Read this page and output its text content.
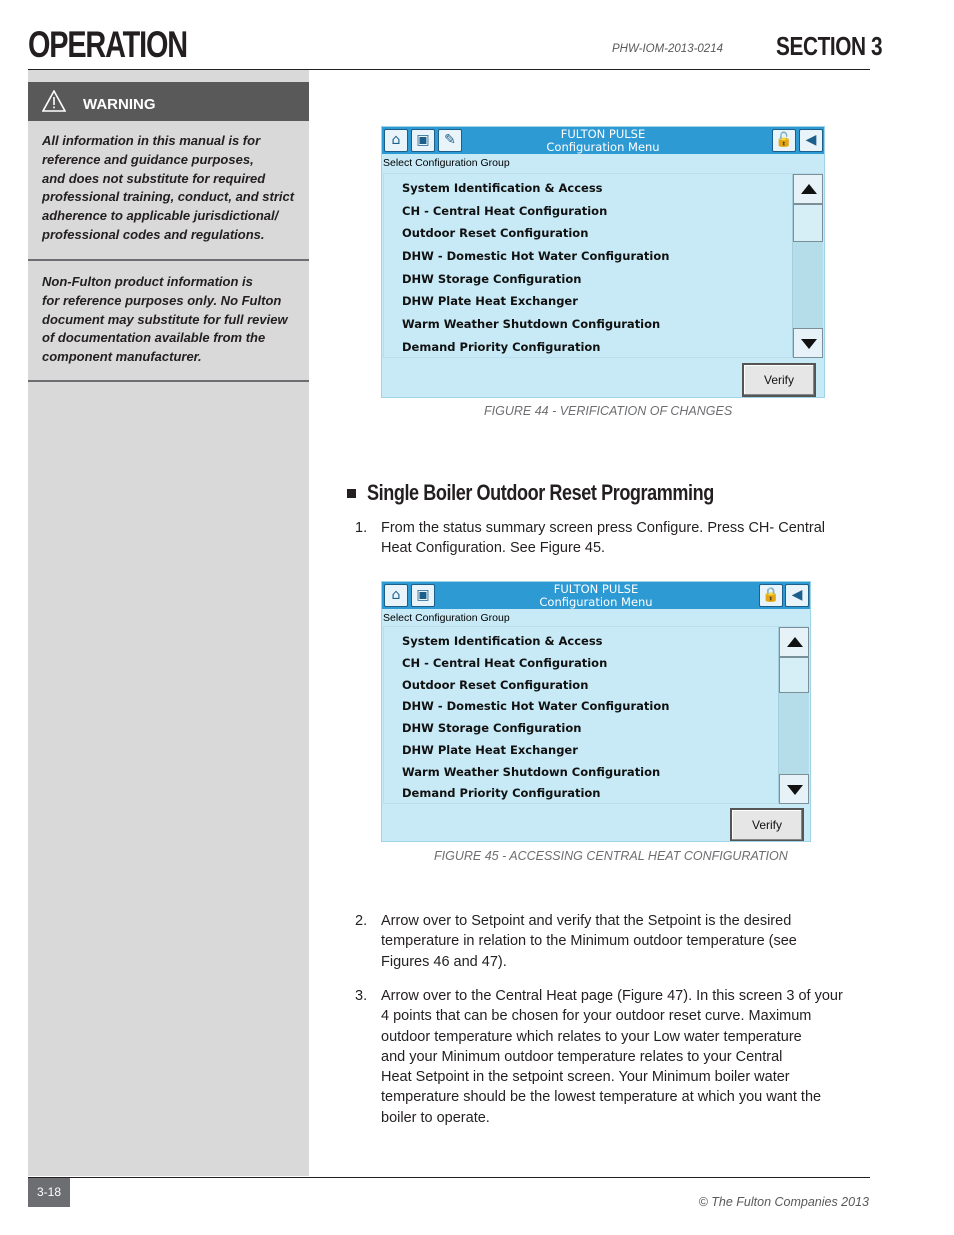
OPERATION	PHW-IOM-2013-0214 SECTION 3
WARNING
All information in this manual is for
reference and guidance purposes,
and does not substitute for required
professional training, conduct, and strict
adherence to applicable jurisdictional/
professional codes and regulations.
Non-Fulton product information is
for reference purposes only. No Fulton
document may substitute for full review
of documentation available from the
component manufacturer.
⌂	▣	✎	FULTON PULSE
Configuration Menu	🔓 ◀
Select Configuration Group
System Identification & Access
CH - Central Heat Configuration
Outdoor Reset Configuration
DHW - Domestic Hot Water Configuration
DHW Storage Configuration
DHW Plate Heat Exchanger
Warm Weather Shutdown Configuration
Demand Priority Configuration
Verify
FIGURE 44 - VERIFICATION OF CHANGES
Single Boiler Outdoor Reset Programming
1. From the status summary screen press Configure. Press CH- Central
Heat Configuration. See Figure 45.
⌂	▣	FULTON PULSE
Configuration Menu	🔒 ◀
Select Configuration Group
System Identification & Access
CH - Central Heat Configuration
Outdoor Reset Configuration
DHW - Domestic Hot Water Configuration
DHW Storage Configuration
DHW Plate Heat Exchanger
Warm Weather Shutdown Configuration
Demand Priority Configuration
Verify
FIGURE 45 - ACCESSING CENTRAL HEAT CONFIGURATION
2. Arrow over to Setpoint and verify that the Setpoint is the desired
temperature in relation to the Minimum outdoor temperature (see
Figures 46 and 47).
3. Arrow over to the Central Heat page (Figure 47). In this screen 3 of your
4 points that can be chosen for your outdoor reset curve. Maximum
outdoor temperature which relates to your Low water temperature
and your Minimum outdoor temperature relates to your Central
Heat Setpoint in the setpoint screen. Your Minimum boiler water
temperature should be the lowest temperature at which you want the
boiler to operate.
3-18
© The Fulton Companies 2013
